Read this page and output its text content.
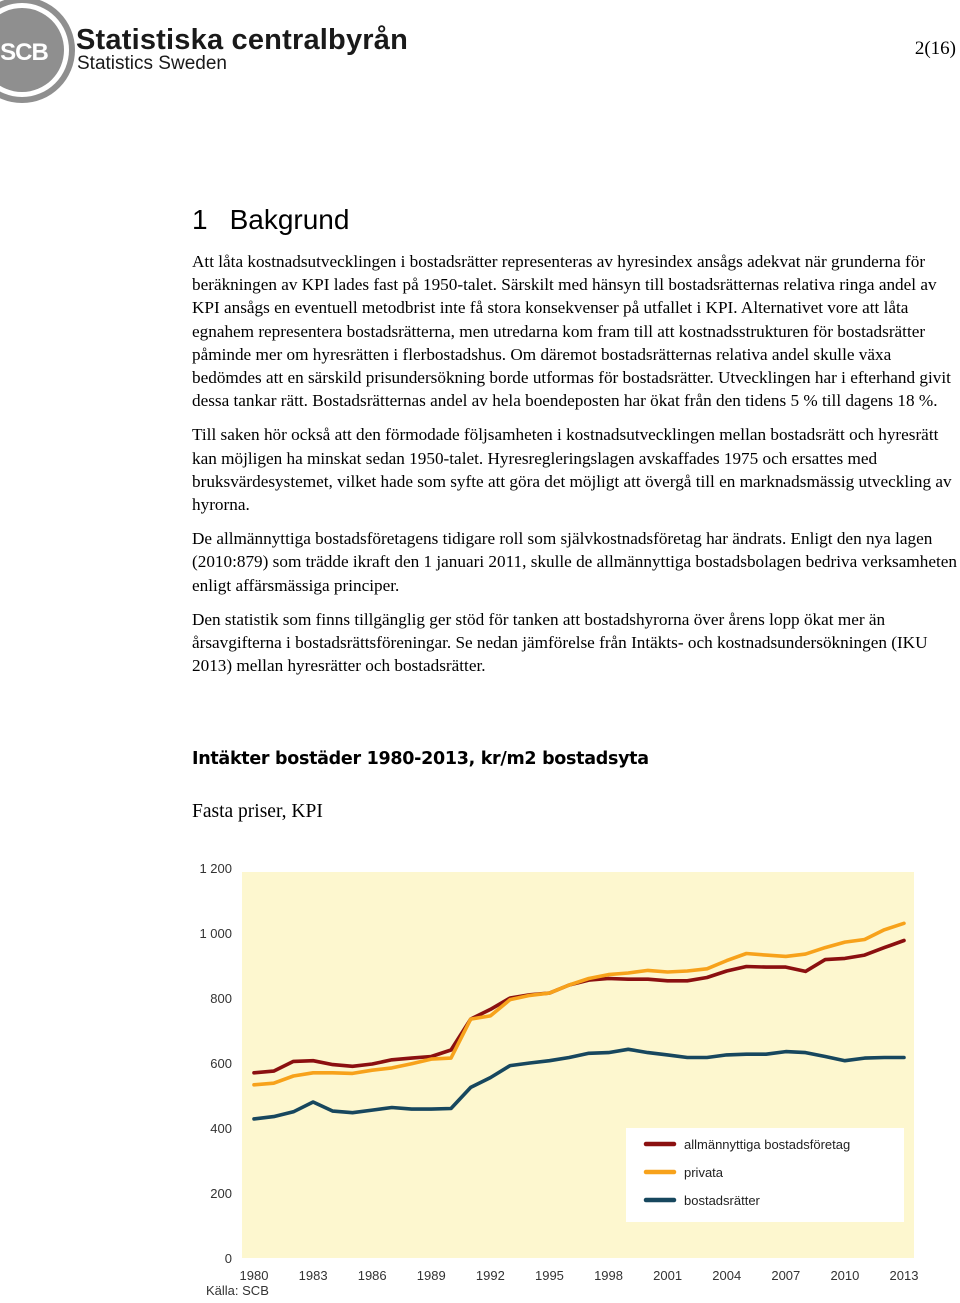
SCB Statistiska centralbyrån
Statistics Sweden
2(16)
1 Bakgrund

Att låta kostnadsutvecklingen i bostadsrätter representeras av hyresindex ansågs adekvat när grunderna för beräkningen av KPI lades fast på 1950-talet. Särskilt med hänsyn till bostadsrätternas relativa ringa andel av KPI ansågs en eventuell metodbrist inte få stora konsekvenser på utfallet i KPI. Alternativet vore att låta egnahem representera bostadsrätterna, men utredarna kom fram till att kostnadsstrukturen för bostadsrätter påminde mer om hyresrätten i flerbostadshus. Om däremot bostadsrätternas relativa andel skulle växa bedömdes att en särskild prisundersökning borde utformas för bostadsrätter. Utvecklingen har i efterhand givit dessa tankar rätt. Bostadsrätternas andel av hela boendeposten har ökat från den tidens 5 % till dagens 18 %.

Till saken hör också att den förmodade följsamheten i kostnadsutvecklingen mellan bostadsrätt och hyresrätt kan möjligen ha minskat sedan 1950-talet. Hyresregleringslagen avskaffades 1975 och ersattes med bruksvärdesystemet, vilket hade som syfte att göra det möjligt att övergå till en marknadsmässig utveckling av hyrorna.

De allmännyttiga bostadsföretagens tidigare roll som självkostnadsföretag har ändrats. Enligt den nya lagen (2010:879) som trädde ikraft den 1 januari 2011, skulle de allmännyttiga bostadsbolagen bedriva verksamheten enligt affärsmässiga principer.

Den statistik som finns tillgänglig ger stöd för tanken att bostadshyrorna över årens lopp ökat mer än årsavgifterna i bostadsrättsföreningar. Se nedan jämförelse från Intäkts- och kostnadsundersökningen (IKU 2013) mellan hyresrätter och bostadsrätter.

Intäkter bostäder 1980-2013, kr/m2 bostadsyta
Fasta priser, KPI
0
200
400
600
800
1 000
1 200
1980 1983 1986 1989 1992 1995 1998 2001 2004 2007 2010 2013
allmännyttiga bostadsföretag
privata
bostadsrätter
Källa: SCB
